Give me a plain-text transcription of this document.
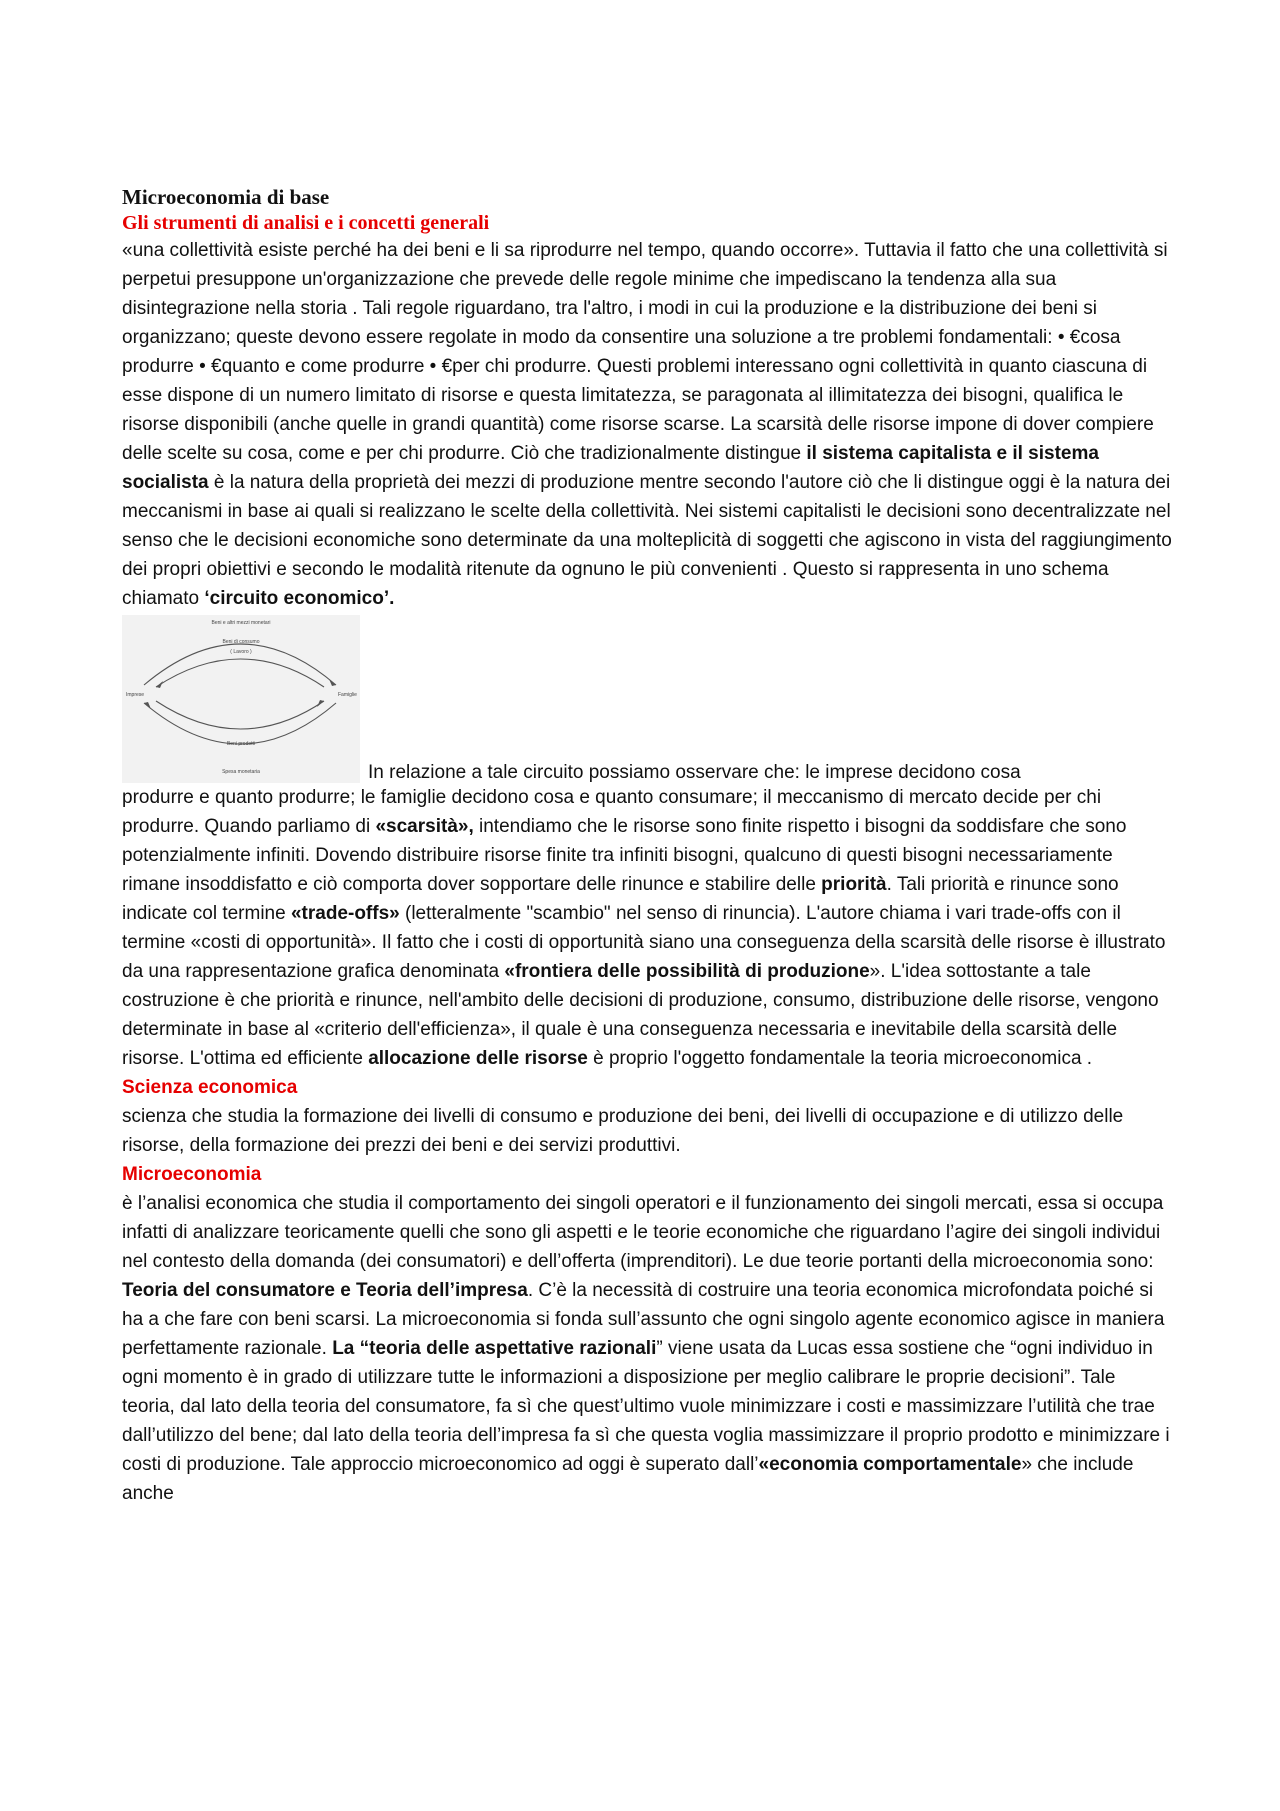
Microeconomia di base
Gli strumenti di analisi e i concetti generali

«una collettività esiste perché ha dei beni e li sa riprodurre nel tempo, quando occorre». Tuttavia il fatto che una collettività si perpetui presuppone un'organizzazione che prevede delle regole minime che impediscano la tendenza alla sua disintegrazione nella storia . Tali regole riguardano, tra l'altro, i modi in cui la produzione e la distribuzione dei beni si organizzano; queste devono essere regolate in modo da consentire una soluzione a tre problemi fondamentali: • €cosa produrre • €quanto e come produrre • €per chi produrre. Questi problemi interessano ogni collettività in quanto ciascuna di esse dispone di un numero limitato di risorse e questa limitatezza, se paragonata al illimitatezza dei bisogni, qualifica le risorse disponibili (anche quelle in grandi quantità) come risorse scarse. La scarsità delle risorse impone di dover compiere delle scelte su cosa, come e per chi produrre. Ciò che tradizionalmente distingue il sistema capitalista e il sistema socialista è la natura della proprietà dei mezzi di produzione mentre secondo l'autore ciò che li distingue oggi è la natura dei meccanismi in base ai quali si realizzano le scelte della collettività. Nei sistemi capitalisti le decisioni sono decentralizzate nel senso che le decisioni economiche sono determinate da una molteplicità di soggetti che agiscono in vista del raggiungimento dei propri obiettivi e secondo le modalità ritenute da ognuno le più convenienti . Questo si rappresenta in uno schema chiamato ‘circuito economico’.

Beni e altri mezzi monetari
Beni di consumo
( Lavoro )
Imprese	Famiglie
Beni prodotti
Spesa monetaria	In relazione a tale circuito possiamo osservare che: le imprese decidono cosa

produrre e quanto produrre; le famiglie decidono cosa e quanto consumare; il meccanismo di mercato decide per chi produrre. Quando parliamo di «scarsità», intendiamo che le risorse sono finite rispetto i bisogni da soddisfare che sono potenzialmente infiniti. Dovendo distribuire risorse finite tra infiniti bisogni, qualcuno di questi bisogni necessariamente rimane insoddisfatto e ciò comporta dover sopportare delle rinunce e stabilire delle priorità. Tali priorità e rinunce sono indicate col termine «trade-offs» (letteralmente "scambio" nel senso di rinuncia). L'autore chiama i vari trade-offs con il termine «costi di opportunità». Il fatto che i costi di opportunità siano una conseguenza della scarsità delle risorse è illustrato da una rappresentazione grafica denominata «frontiera delle possibilità di produzione». L'idea sottostante a tale costruzione è che priorità e rinunce, nell'ambito delle decisioni di produzione, consumo, distribuzione delle risorse, vengono determinate in base al «criterio dell'efficienza», il quale è una conseguenza necessaria e inevitabile della scarsità delle risorse. L'ottima ed efficiente allocazione delle risorse è proprio l'oggetto fondamentale la teoria microeconomica .

Scienza economica

scienza che studia la formazione dei livelli di consumo e produzione dei beni, dei livelli di occupazione e di utilizzo delle risorse, della formazione dei prezzi dei beni e dei servizi produttivi.

Microeconomia

è l’analisi economica che studia il comportamento dei singoli operatori e il funzionamento dei singoli mercati, essa si occupa infatti di analizzare teoricamente quelli che sono gli aspetti e le teorie economiche che riguardano l’agire dei singoli individui nel contesto della domanda (dei consumatori) e dell’offerta (imprenditori). Le due teorie portanti della microeconomia sono: Teoria del consumatore e Teoria dell’impresa. C’è la necessità di costruire una teoria economica microfondata poiché si ha a che fare con beni scarsi. La microeconomia si fonda sull’assunto che ogni singolo agente economico agisce in maniera perfettamente razionale. La “teoria delle aspettative razionali” viene usata da Lucas essa sostiene che “ogni individuo in ogni momento è in grado di utilizzare tutte le informazioni a disposizione per meglio calibrare le proprie decisioni”. Tale teoria, dal lato della teoria del consumatore, fa sì che quest’ultimo vuole minimizzare i costi e massimizzare l’utilità che trae dall’utilizzo del bene; dal lato della teoria dell’impresa fa sì che questa voglia massimizzare il proprio prodotto e minimizzare i costi di produzione. Tale approccio microeconomico ad oggi è superato dall’«economia comportamentale» che include anche
